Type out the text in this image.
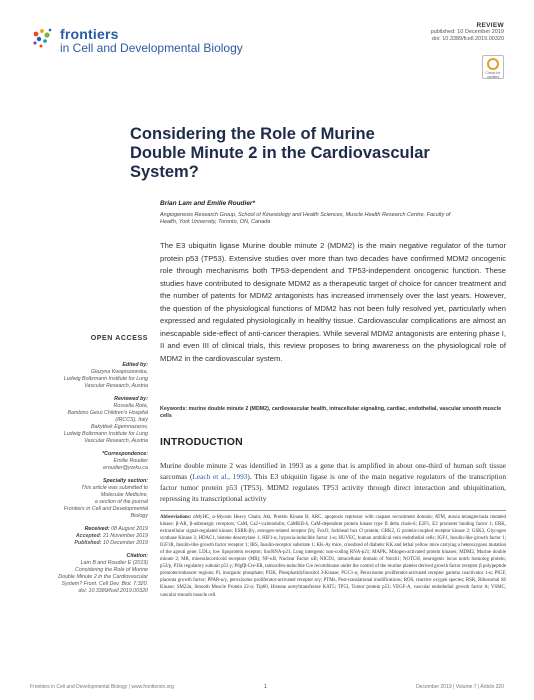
frontiers
in Cell and Developmental Biology
REVIEW
published: 10 December 2019
doi: 10.3389/fcell.2019.00320
Check for updates
Considering the Role of Murine Double Minute 2 in the Cardiovascular System?
Brian Lam and Emilie Roudier*
Angiogenesis Research Group, School of Kinesiology and Health Sciences, Muscle Health Research Centre, Faculty of Health, York University, Toronto, ON, Canada
The E3 ubiquitin ligase Murine double minute 2 (MDM2) is the main negative regulator of the tumor protein p53 (TP53). Extensive studies over more than two decades have confirmed MDM2 oncogenic role through mechanisms both TP53-dependent and TP53-independent oncogenic function. These studies have contributed to designate MDM2 as a therapeutic target of choice for cancer treatment and the number of patents for MDM2 antagonists has increased immensely over the last years. However, the question of the physiological functions of MDM2 has not been fully resolved yet, particularly when expressed and regulated physiologically in healthy tissue. Cardiovascular complications are almost an inescapable side-effect of anti-cancer therapies. While several MDM2 antagonists are entering phase I, II and even III of clinical trials, this review proposes to bring awareness on the physiological role of MDM2 in the cardiovascular system.
Keywords: murine double minute 2 (MDM2), cardiovascular health, intracellular signaling, cardiac, endothelial, vascular smooth muscle cells
OPEN ACCESS
Edited by:
Glazyna Kwapiszewska,
Ludwig Boltzmann Institute for Lung
Vascular Research, Austria
Reviewed by:
Rossella Rota,
Bambino Gesù Children's Hospital
(IRCCS), Italy
Bakytbek Egemnazarov,
Ludwig Boltzmann Institute for Lung
Vascular Research, Austria
*Correspondence:
Emilie Roudier
eroudier@yorku.ca
Specialty section:
This article was submitted to
Molecular Medicine,
a section of the journal
Frontiers in Cell and Developmental
Biology
Received: 08 August 2019
Accepted: 21 November 2019
Published: 10 December 2019
Citation:
Lam B and Roudier E (2019)
Considering the Role of Murine
Double Minute 2 in the Cardiovascular
System? Front. Cell Dev. Biol. 7:320.
doi: 10.3389/fcell.2019.00320
INTRODUCTION
Murine double minute 2 was identified in 1993 as a gene that is amplified in about one-third of human soft tissue sarcomas (Leach et al., 1993). This E3 ubiquitin ligase is one of the main negative regulators of the transcription factor tumor protein p53 (TP53). MDM2 regulates TP53 activity through direct interaction and ubiquitination, repressing its transcriptional activity
Abbreviations: αMyHC, α-Myosin Heavy Chain; Akt, Protein Kinase B; ARC, apoptosis repressor with caspase recruitment domain; ATM, ataxia telangiectasia mutated kinase; β-AR, β-adrenergic receptors; CaM, Ca2+/calmodulin; CaMKII-δ, CaM-dependent protein kinase type II delta chain-δ; E2F1, E2 promoter binding factor 1; ERK, extracellular signal-regulated kinase; ESRR-β/γ, estrogen-related receptor β/γ; FoxO, forkhead box O protein; GRK2, G protein-coupled receptor kinase 2; GSK3, Glycogen synthase Kinase 3; HDAC1, histone deacetylase 1; HIF1-α, hypoxia-inducible factor 1-α; HUVEC, human umbilical vein endothelial cells; IGF1, Insulin-like growth factor 1; IGF1R, Insulin-like growth factor receptor 1; IRS, Insulin-receptor substrate 1; KK-Ay mice, crossbred of diabetic KK and lethal yellow mice carrying a heterozygous mutation of the agouti gene; LDLr, low lipoprotein receptor; lincRNA-p21, Long intergenic non-coding RNA-p21; MAPK, Mitogen-activated protein kinases; MDM2, Murine double minute 2; MR, mineralocorticoid receptors (MR); NF-κB, Nuclear Factor κB; NICD1, intracellular domain of Notch1; NOTCH, neurogenic locus notch homolog protein; p53/p, PI3k regulatory subunit p53 γ; Pdgfβ-Cre-ER, tamoxifen-inducible Cre recombinase under the control of the murine platelet derived growth factor receptor β polypeptide promoter/enhancer regions; Pi, inorganic phosphate; PI3K, Phosphatidylinositol 3-Kinase; PGC1-α, Peroxisome proliferator-activated receptor gamma coactivator 1-α; PIGF, placenta growth factor; PPAR-α/γ, peroxisome proliferator-activated receptor α/γ; PTMs, Post-translational modifications; ROS, reactive oxygen species; RSK, Ribosomal S6 Kinase; SM22α, Smooth Muscle Protein 22-α; Tip60, Histone acetyltransferase KAT5; TP53, Tumor protein p53; VEGF-A, vascular endothelial growth factor A; VSMC, vascular smooth muscle cell.
Frontiers in Cell and Developmental Biology | www.frontiersin.org	1	December 2019 | Volume 7 | Article 320
